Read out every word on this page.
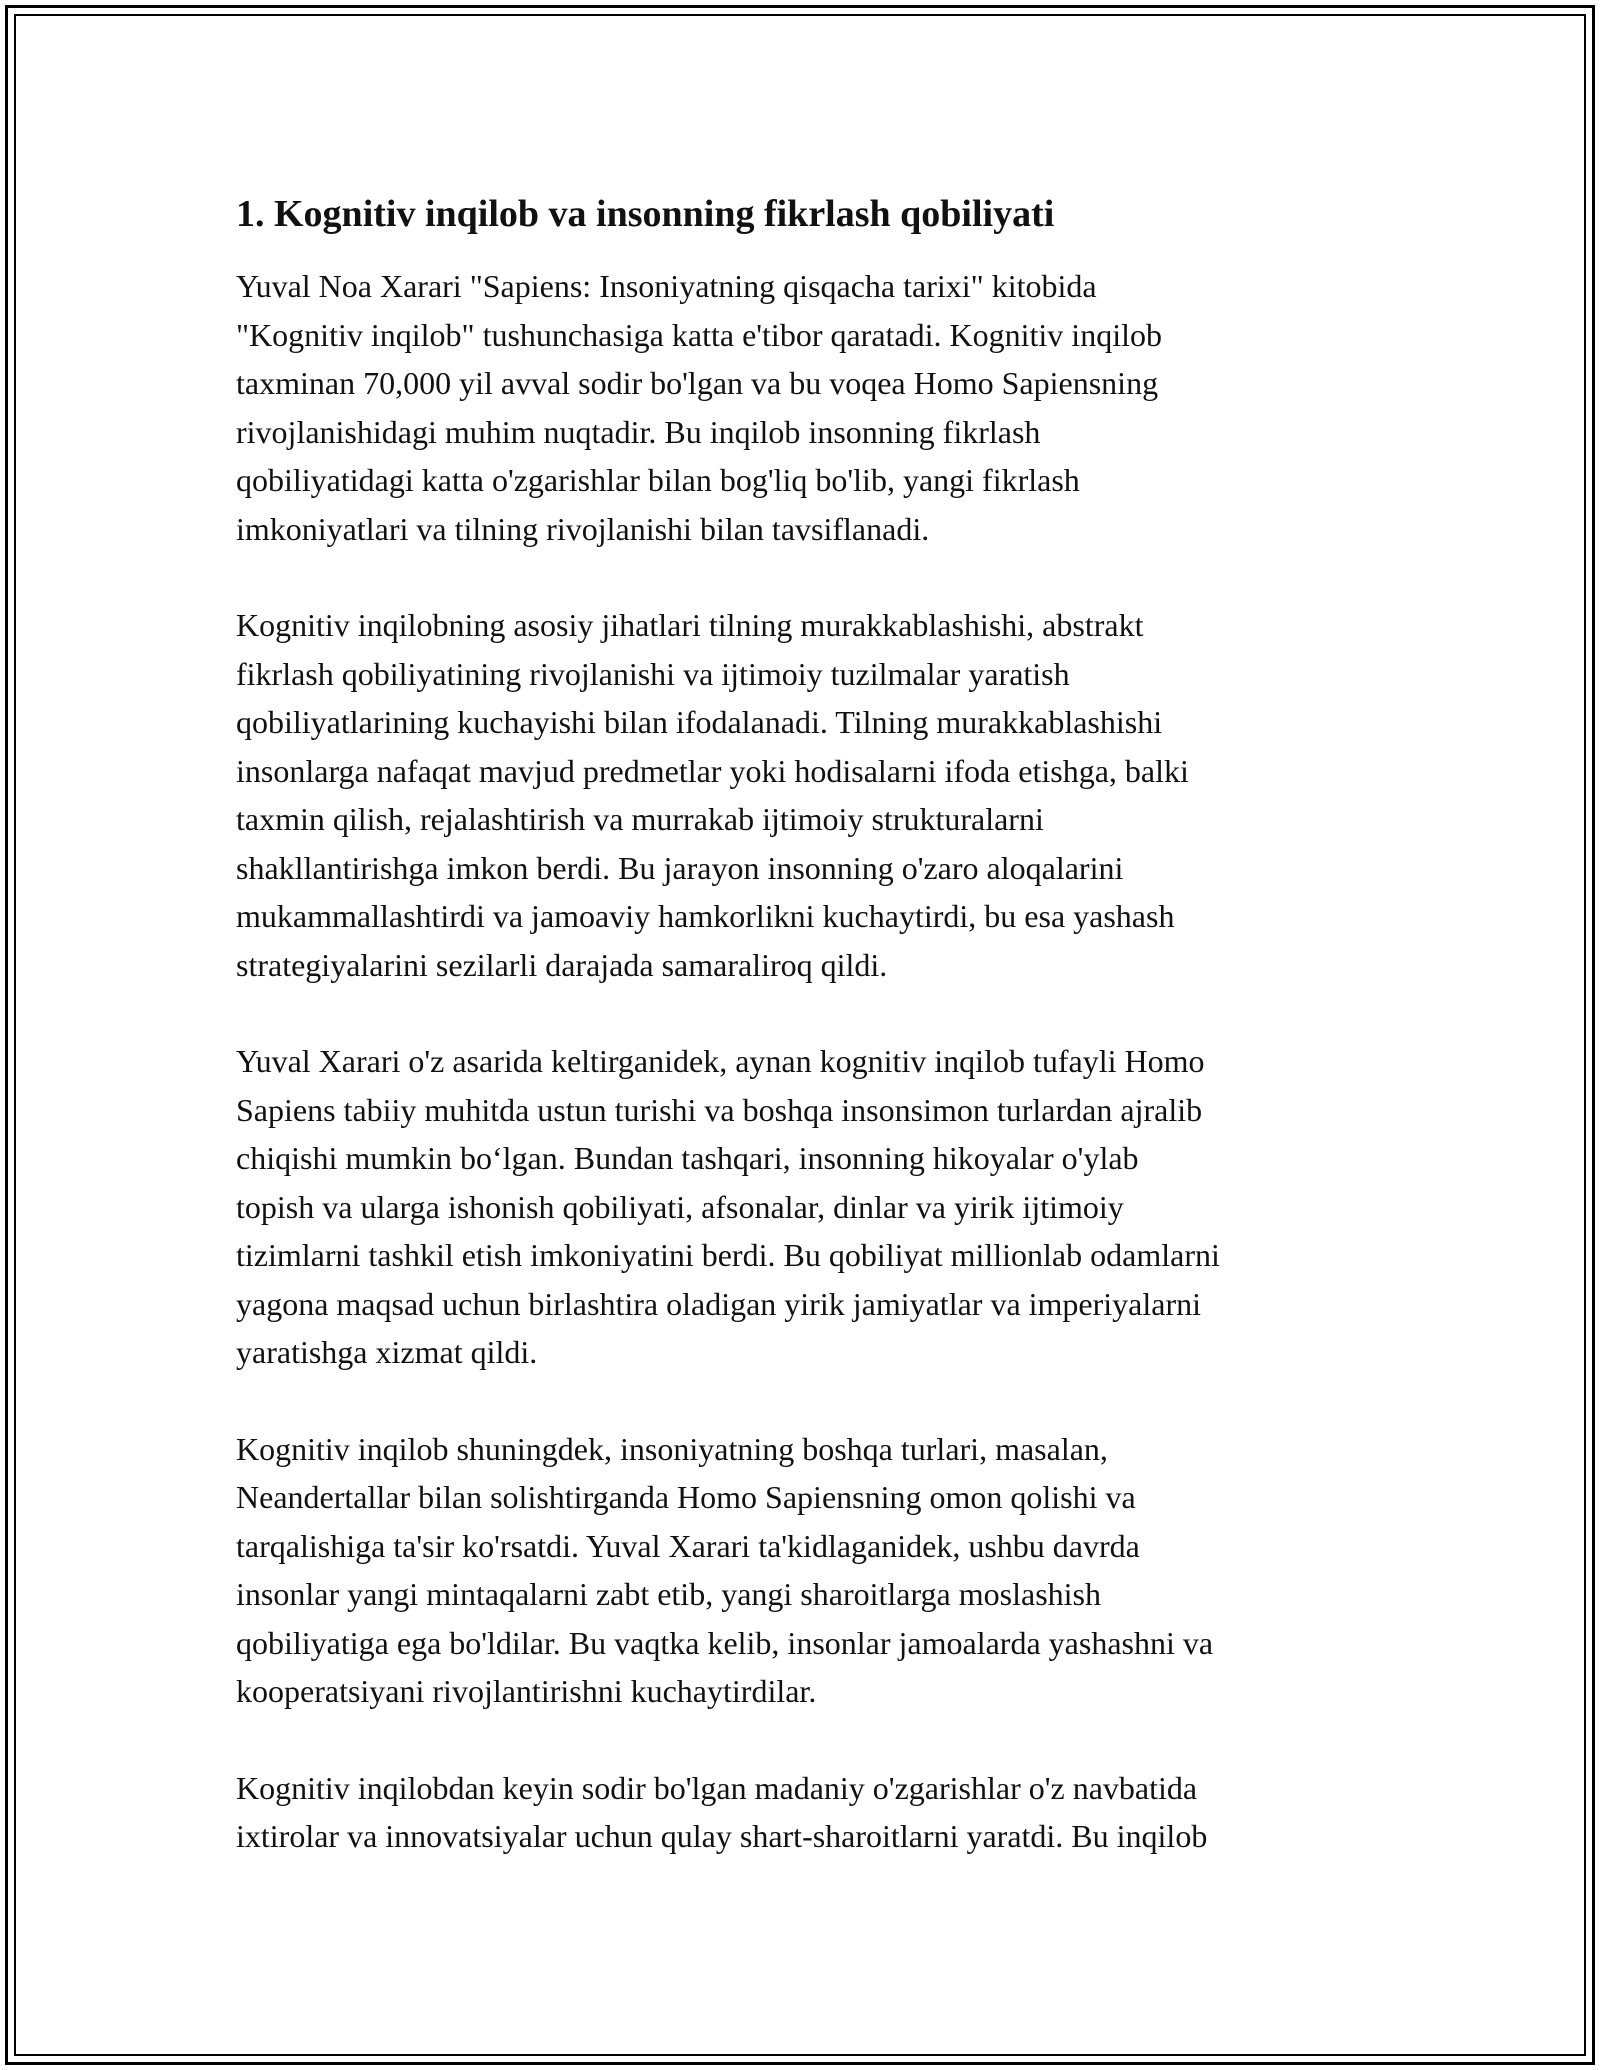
1. Kognitiv inqilob va insonning fikrlash qobiliyati
Yuval Noa Xarari "Sapiens: Insoniyatning qisqacha tarixi" kitobida
"Kognitiv inqilob" tushunchasiga katta e'tibor qaratadi. Kognitiv inqilob
taxminan 70,000 yil avval sodir bo'lgan va bu voqea Homo Sapiensning
rivojlanishidagi muhim nuqtadir. Bu inqilob insonning fikrlash
qobiliyatidagi katta o'zgarishlar bilan bog'liq bo'lib, yangi fikrlash
imkoniyatlari va tilning rivojlanishi bilan tavsiflanadi.
Kognitiv inqilobning asosiy jihatlari tilning murakkablashishi, abstrakt
fikrlash qobiliyatining rivojlanishi va ijtimoiy tuzilmalar yaratish
qobiliyatlarining kuchayishi bilan ifodalanadi. Tilning murakkablashishi
insonlarga nafaqat mavjud predmetlar yoki hodisalarni ifoda etishga, balki
taxmin qilish, rejalashtirish va murrakab ijtimoiy strukturalarni
shakllantirishga imkon berdi. Bu jarayon insonning o'zaro aloqalarini
mukammallashtirdi va jamoaviy hamkorlikni kuchaytirdi, bu esa yashash
strategiyalarini sezilarli darajada samaraliroq qildi.
Yuval Xarari o'z asarida keltirganidek, aynan kognitiv inqilob tufayli Homo
Sapiens tabiiy muhitda ustun turishi va boshqa insonsimon turlardan ajralib
chiqishi mumkin bo‘lgan. Bundan tashqari, insonning hikoyalar o'ylab
topish va ularga ishonish qobiliyati, afsonalar, dinlar va yirik ijtimoiy
tizimlarni tashkil etish imkoniyatini berdi. Bu qobiliyat millionlab odamlarni
yagona maqsad uchun birlashtira oladigan yirik jamiyatlar va imperiyalarni
yaratishga xizmat qildi.
Kognitiv inqilob shuningdek, insoniyatning boshqa turlari, masalan,
Neandertallar bilan solishtirganda Homo Sapiensning omon qolishi va
tarqalishiga ta'sir ko'rsatdi. Yuval Xarari ta'kidlaganidek, ushbu davrda
insonlar yangi mintaqalarni zabt etib, yangi sharoitlarga moslashish
qobiliyatiga ega bo'ldilar. Bu vaqtka kelib, insonlar jamoalarda yashashni va
kooperatsiyani rivojlantirishni kuchaytirdilar.
Kognitiv inqilobdan keyin sodir bo'lgan madaniy o'zgarishlar o'z navbatida
ixtirolar va innovatsiyalar uchun qulay shart-sharoitlarni yaratdi. Bu inqilob
